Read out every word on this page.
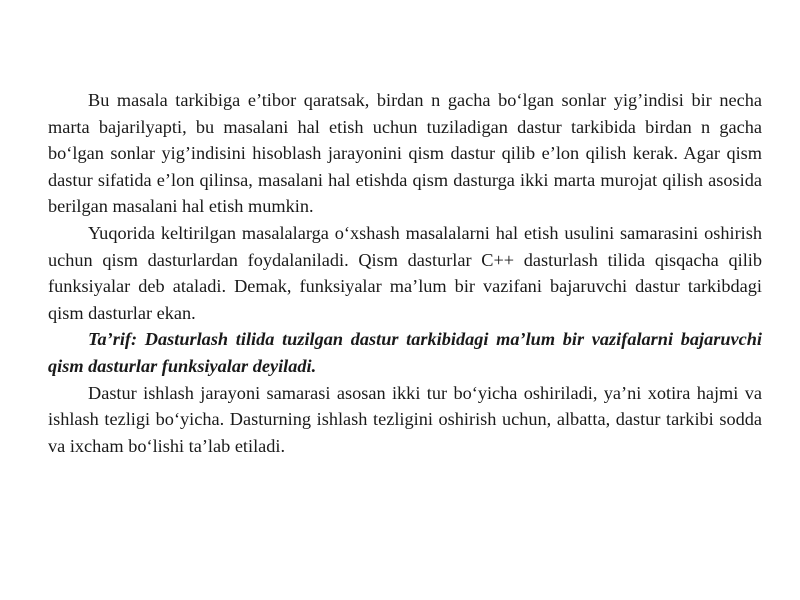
Bu masala tarkibiga e’tibor qaratsak, birdan n gacha bo‘lgan sonlar yig’indisi bir necha marta bajarilyapti, bu masalani hal etish uchun tuziladigan dastur tarkibida birdan n gacha bo‘lgan sonlar yig’indisini hisoblash jarayonini qism dastur qilib e’lon qilish kerak. Agar qism dastur sifatida e’lon qilinsa, masalani hal etishda qism dasturga ikki marta murojat qilish asosida berilgan masalani hal etish mumkin.

Yuqorida keltirilgan masalalarga o‘xshash masalalarni hal etish usulini samarasini oshirish uchun qism dasturlardan foydalaniladi. Qism dasturlar C++ dasturlash tilida qisqacha qilib funksiyalar deb ataladi. Demak, funksiyalar ma’lum bir vazifani bajaruvchi dastur tarkibdagi qism dasturlar ekan.

Ta’rif: Dasturlash tilida tuzilgan dastur tarkibidagi ma’lum bir vazifalarni bajaruvchi qism dasturlar funksiyalar deyiladi.

Dastur ishlash jarayoni samarasi asosan ikki tur bo‘yicha oshiriladi, ya’ni xotira hajmi va ishlash tezligi bo‘yicha. Dasturning ishlash tezligini oshirish uchun, albatta, dastur tarkibi sodda va ixcham bo‘lishi ta’lab etiladi.
